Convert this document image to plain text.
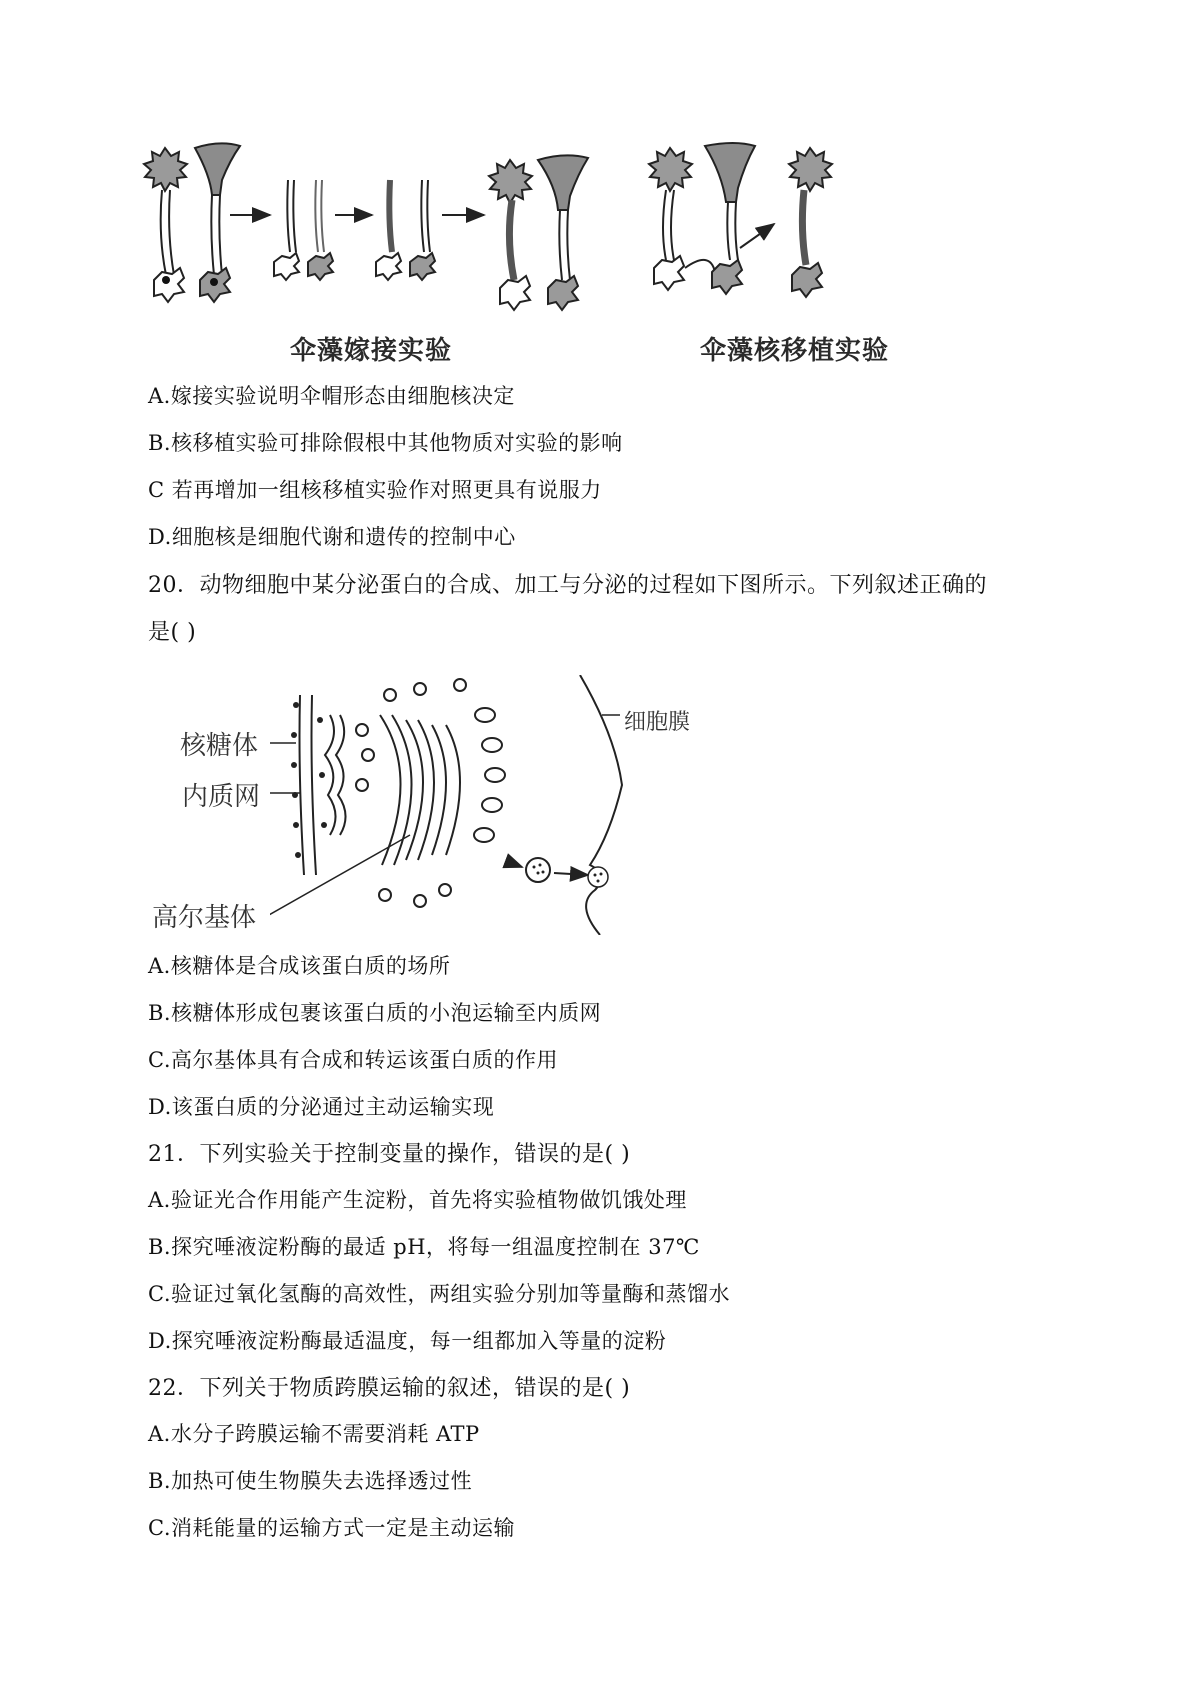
伞藻嫁接实验	伞藻核移植实验
A.嫁接实验说明伞帽形态由细胞核决定
B.核移植实验可排除假根中其他物质对实验的影响
C 若再增加一组核移植实验作对照更具有说服力
D.细胞核是细胞代谢和遗传的控制中心
20．动物细胞中某分泌蛋白的合成、加工与分泌的过程如下图所示。下列叙述正确的
是( )
核糖体
内质网
高尔基体
细胞膜
A.核糖体是合成该蛋白质的场所
B.核糖体形成包裹该蛋白质的小泡运输至内质网
C.高尔基体具有合成和转运该蛋白质的作用
D.该蛋白质的分泌通过主动运输实现
21．下列实验关于控制变量的操作，错误的是( )
A.验证光合作用能产生淀粉，首先将实验植物做饥饿处理
B.探究唾液淀粉酶的最适 pH，将每一组温度控制在 37℃
C.验证过氧化氢酶的高效性，两组实验分别加等量酶和蒸馏水
D.探究唾液淀粉酶最适温度，每一组都加入等量的淀粉
22．下列关于物质跨膜运输的叙述，错误的是( )
A.水分子跨膜运输不需要消耗 ATP
B.加热可使生物膜失去选择透过性
C.消耗能量的运输方式一定是主动运输
